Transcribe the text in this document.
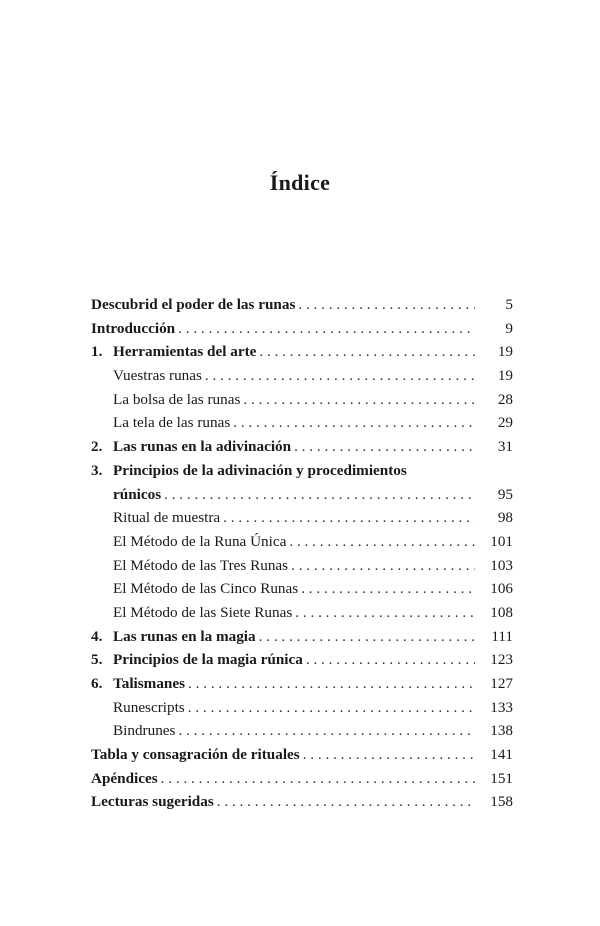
Índice
Descubrid el poder de las runas . . .	5
Introducción . . .	9
1. Herramientas del arte . . .	19
Vuestras runas . . .	19
La bolsa de las runas . . .	28
La tela de las runas . . .	29
2. Las runas en la adivinación . . .	31
3. Principios de la adivinación y procedimientos
rúnicos . . .	95
Ritual de muestra . . .	98
El Método de la Runa Única . . .	101
El Método de las Tres Runas . . .	103
El Método de las Cinco Runas . . .	106
El Método de las Siete Runas . . .	108
4. Las runas en la magia . . .	111
5. Principios de la magia rúnica . . .	123
6. Talismanes . . .	127
Runescripts . . .	133
Bindrunes . . .	138
Tabla y consagración de rituales . . .	141
Apéndices . . .	151
Lecturas sugeridas . . .	158
